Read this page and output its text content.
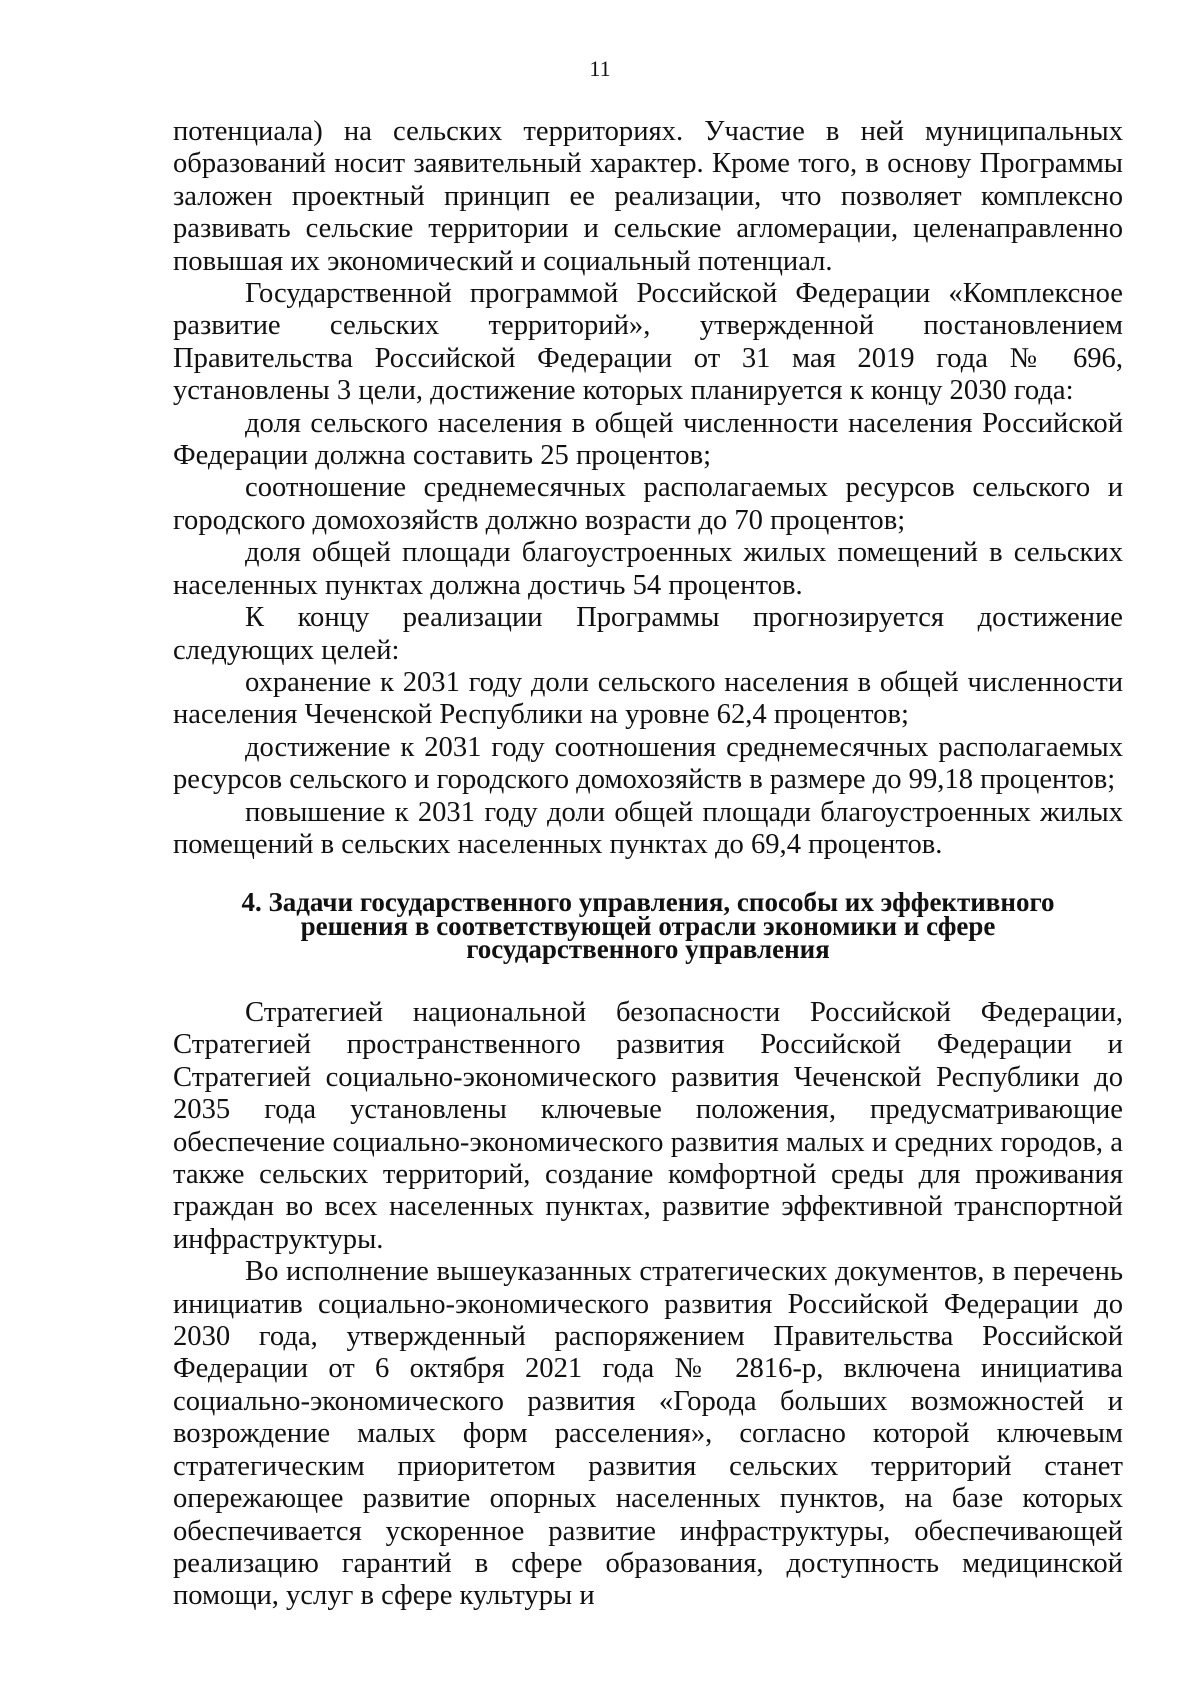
11

потенциала) на сельских территориях. Участие в ней муниципальных образований носит заявительный характер. Кроме того, в основу Программы заложен проектный принцип ее реализации, что позволяет комплексно развивать сельские территории и сельские агломерации, целенаправленно повышая их экономический и социальный потенциал.

Государственной программой Российской Федерации «Комплексное развитие сельских территорий», утвержденной постановлением Правительства Российской Федерации от 31 мая 2019 года № 696, установлены 3 цели, достижение которых планируется к концу 2030 года:

доля сельского населения в общей численности населения Российской Федерации должна составить 25 процентов;

соотношение среднемесячных располагаемых ресурсов сельского и городского домохозяйств должно возрасти до 70 процентов;

доля общей площади благоустроенных жилых помещений в сельских населенных пунктах должна достичь 54 процентов.

К концу реализации Программы прогнозируется достижение следующих целей:

охранение к 2031 году доли сельского населения в общей численности населения Чеченской Республики на уровне 62,4 процентов;

достижение к 2031 году соотношения среднемесячных располагаемых ресурсов сельского и городского домохозяйств в размере до 99,18 процентов;

повышение к 2031 году доли общей площади благоустроенных жилых помещений в сельских населенных пунктах до 69,4 процентов.

4. Задачи государственного управления, способы их эффективного
решения в соответствующей отрасли экономики и сфере
государственного управления

Стратегией национальной безопасности Российской Федерации, Стратегией пространственного развития Российской Федерации и Стратегией социально-экономического развития Чеченской Республики до 2035 года установлены ключевые положения, предусматривающие обеспечение социально-экономического развития малых и средних городов, а также сельских территорий, создание комфортной среды для проживания граждан во всех населенных пунктах, развитие эффективной транспортной инфраструктуры.

Во исполнение вышеуказанных стратегических документов, в перечень инициатив социально-экономического развития Российской Федерации до 2030 года, утвержденный распоряжением Правительства Российской Федерации от 6 октября 2021 года № 2816-р, включена инициатива социально-экономического развития «Города больших возможностей и возрождение малых форм расселения», согласно которой ключевым стратегическим приоритетом развития сельских территорий станет опережающее развитие опорных населенных пунктов, на базе которых обеспечивается ускоренное развитие инфраструктуры, обеспечивающей реализацию гарантий в сфере образования, доступность медицинской помощи, услуг в сфере культуры и
